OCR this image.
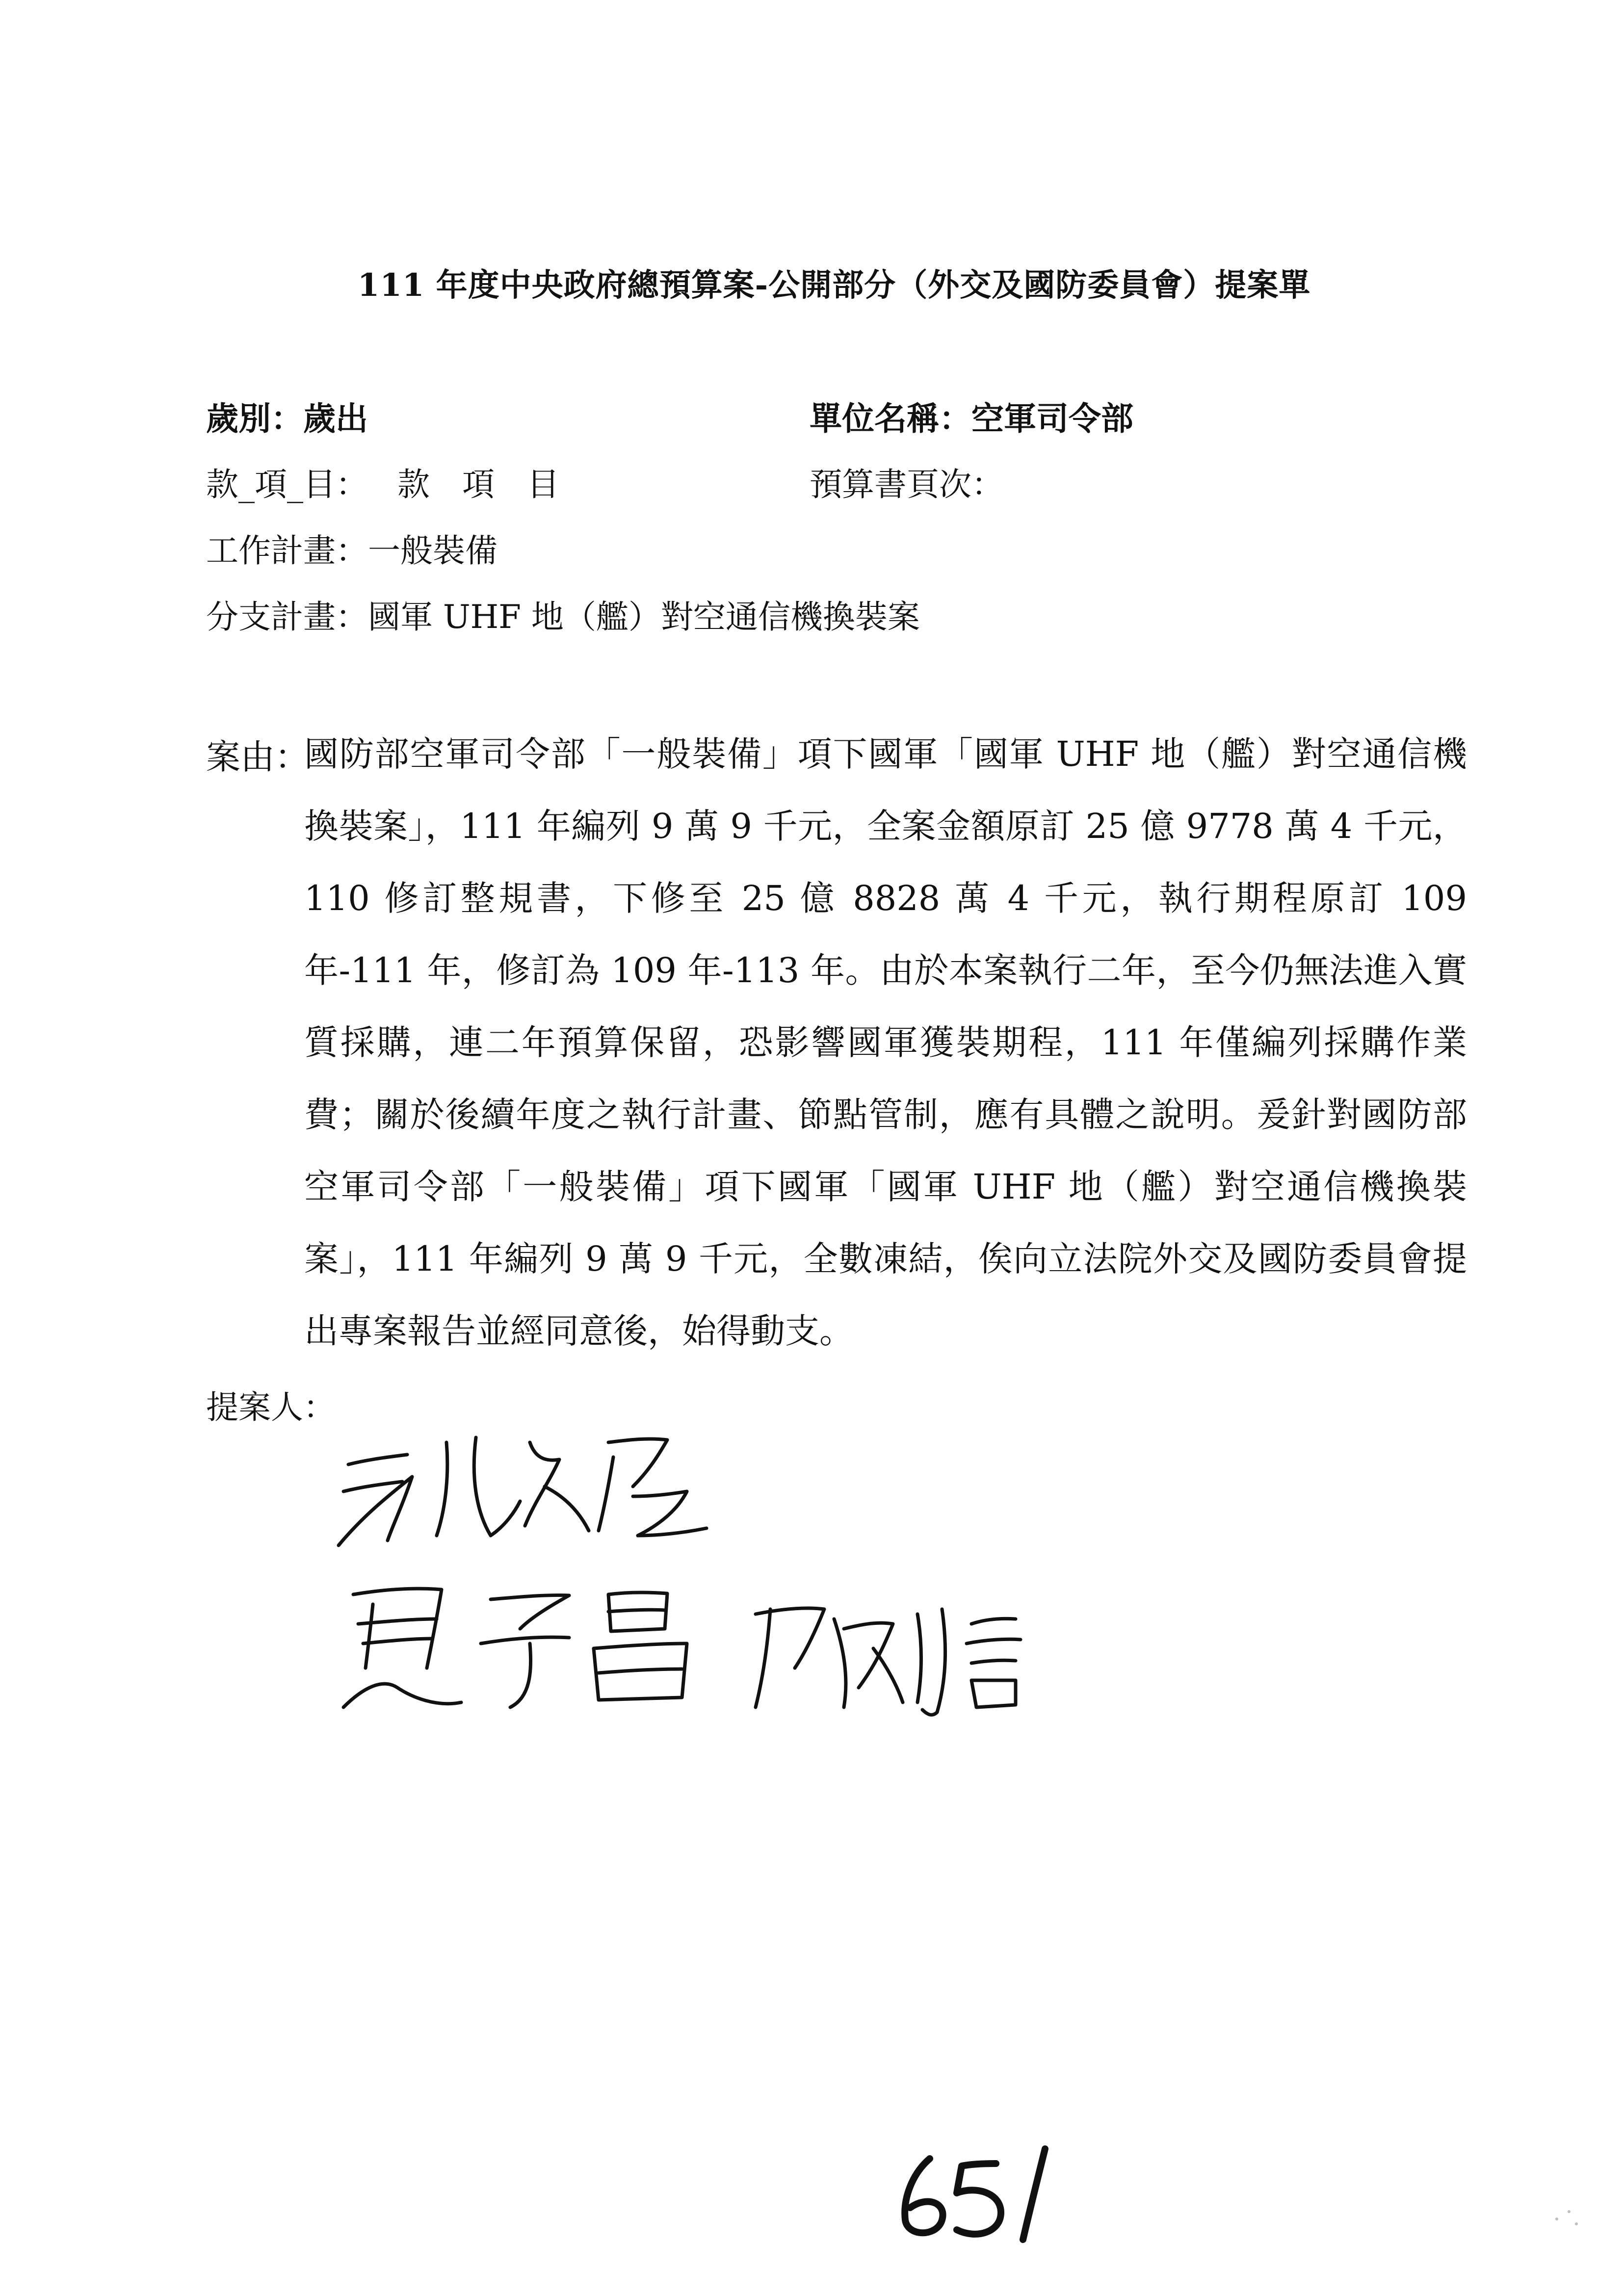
111 年度中央政府總預算案-公開部分（外交及國防委員會）提案單
歲別：歲出	單位名稱：空軍司令部
款_項_目： 款　項　目	預算書頁次：
工作計畫：一般裝備
分支計畫：國軍 UHF 地（艦）對空通信機換裝案
案由：
國防部空軍司令部「一般裝備」項下國軍「國軍 UHF 地（艦）對空通信機換裝案」，111 年編列 9 萬 9 千元，全案金額原訂 25 億 9778 萬 4 千元，110 修訂整規書，下修至 25 億 8828 萬 4 千元，執行期程原訂 109 年-111 年，修訂為 109 年-113 年。由於本案執行二年，至今仍無法進入實質採購，連二年預算保留，恐影響國軍獲裝期程，111 年僅編列採購作業費；關於後續年度之執行計畫、節點管制，應有具體之說明。爰針對國防部空軍司令部「一般裝備」項下國軍「國軍 UHF 地（艦）對空通信機換裝案」，111 年編列 9 萬 9 千元，全數凍結，俟向立法院外交及國防委員會提出專案報告並經同意後，始得動支。
提案人：
